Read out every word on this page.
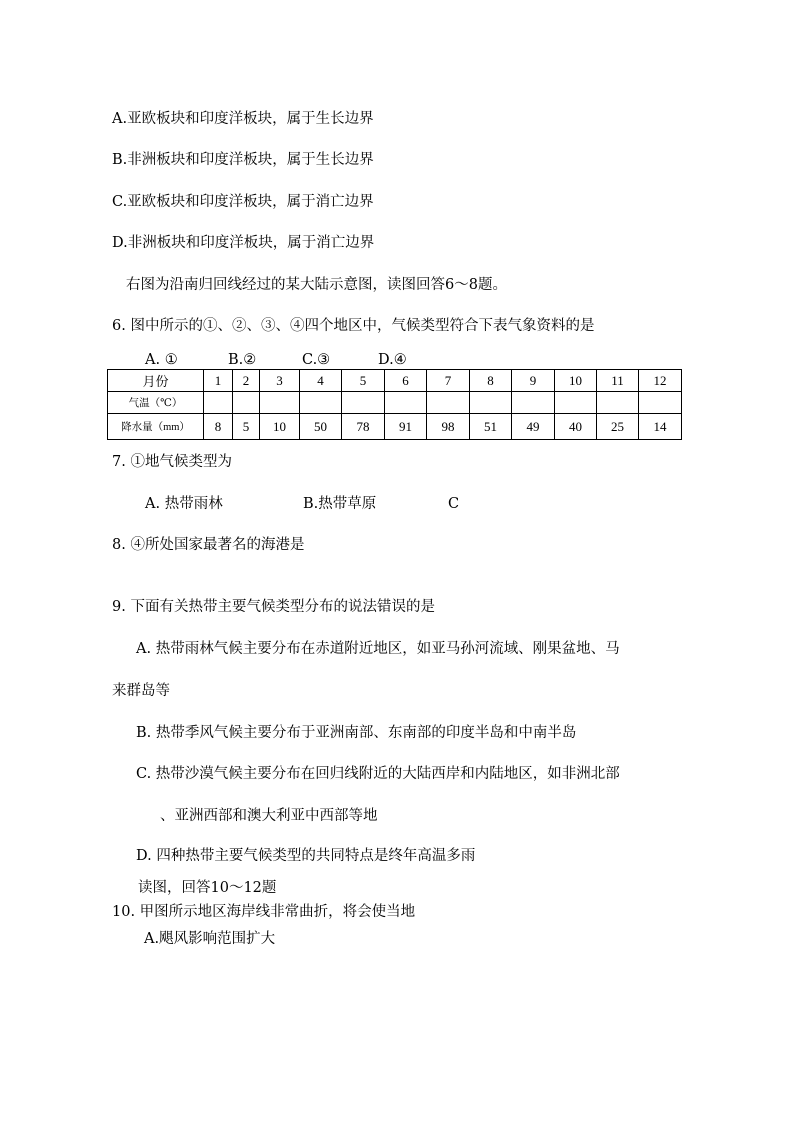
A.亚欧板块和印度洋板块，属于生长边界
B.非洲板块和印度洋板块，属于生长边界
C.亚欧板块和印度洋板块，属于消亡边界
D.非洲板块和印度洋板块，属于消亡边界
右图为沿南归回线经过的某大陆示意图，读图回答6～8题。
6. 图中所示的①、②、③、④四个地区中，气候类型符合下表气象资料的是
A. ①	B.②	C.③	D.④
月份	1	2	3	4	5	6	7	8	9	10	11	12
气温（℃）												
降水量（mm）	8	5	10	50	78	91	98	51	49	40	25	14
7. ①地气候类型为
A. 热带雨林	B.热带草原	C
8. ④所处国家最著名的海港是
9. 下面有关热带主要气候类型分布的说法错误的是
A. 热带雨林气候主要分布在赤道附近地区，如亚马孙河流域、刚果盆地、马
来群岛等
B. 热带季风气候主要分布于亚洲南部、东南部的印度半岛和中南半岛
C. 热带沙漠气候主要分布在回归线附近的大陆西岸和内陆地区，如非洲北部
、亚洲西部和澳大利亚中西部等地
D. 四种热带主要气候类型的共同特点是终年高温多雨
读图，回答10～12题
10. 甲图所示地区海岸线非常曲折，将会使当地
A.飓风影响范围扩大
